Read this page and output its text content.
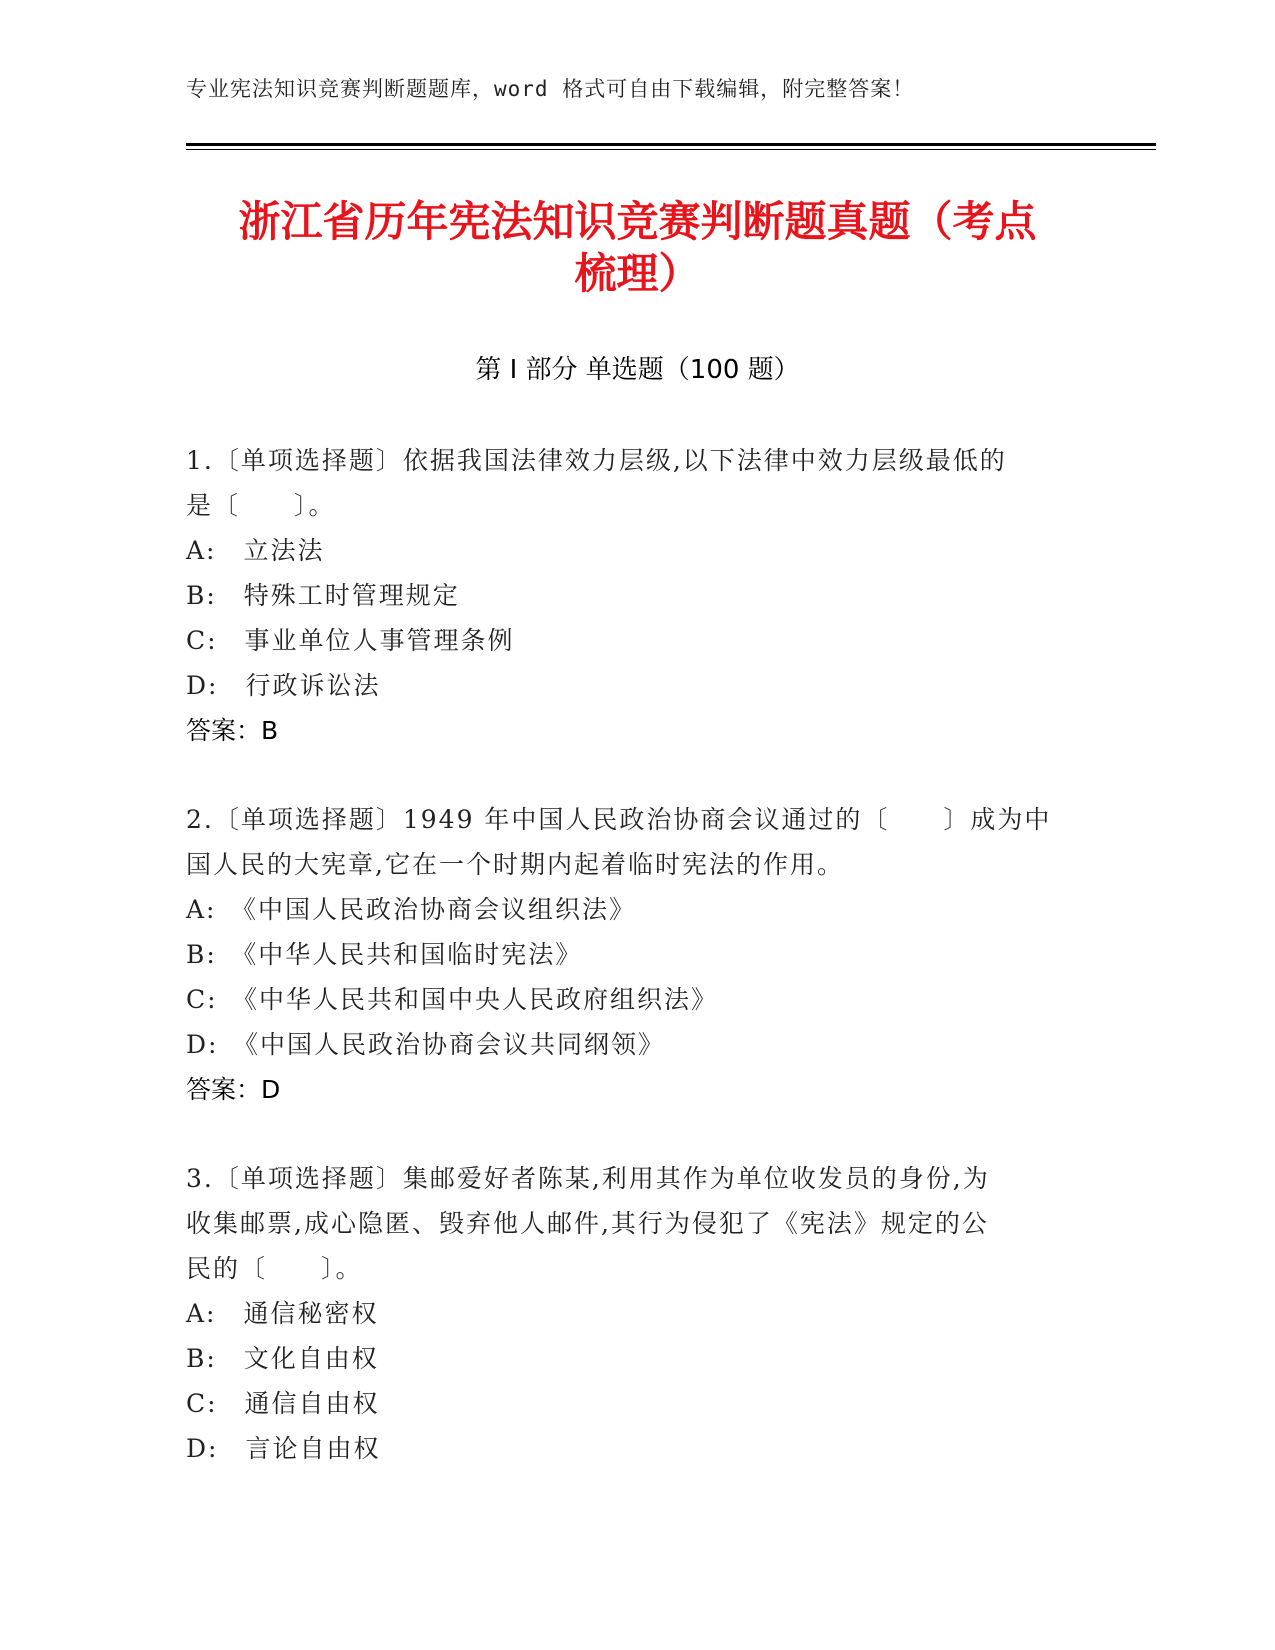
专业宪法知识竞赛判断题题库，word 格式可自由下载编辑，附完整答案！
浙江省历年宪法知识竞赛判断题真题（考点
梳理）
第 I 部分 单选题（100 题）
1.〔单项选择题〕依据我国法律效力层级,以下法律中效力层级最低的
是〔　　〕。
A:　立法法
B:　特殊工时管理规定
C:　事业单位人事管理条例
D:　行政诉讼法
答案：B
2.〔单项选择题〕1949 年中国人民政治协商会议通过的〔　　〕成为中
国人民的大宪章,它在一个时期内起着临时宪法的作用。
A:　《中国人民政治协商会议组织法》
B:　《中华人民共和国临时宪法》
C:　《中华人民共和国中央人民政府组织法》
D:　《中国人民政治协商会议共同纲领》
答案：D
3.〔单项选择题〕集邮爱好者陈某,利用其作为单位收发员的身份,为
收集邮票,成心隐匿、毁弃他人邮件,其行为侵犯了《宪法》规定的公
民的〔　　〕。
A:　通信秘密权
B:　文化自由权
C:　通信自由权
D:　言论自由权
